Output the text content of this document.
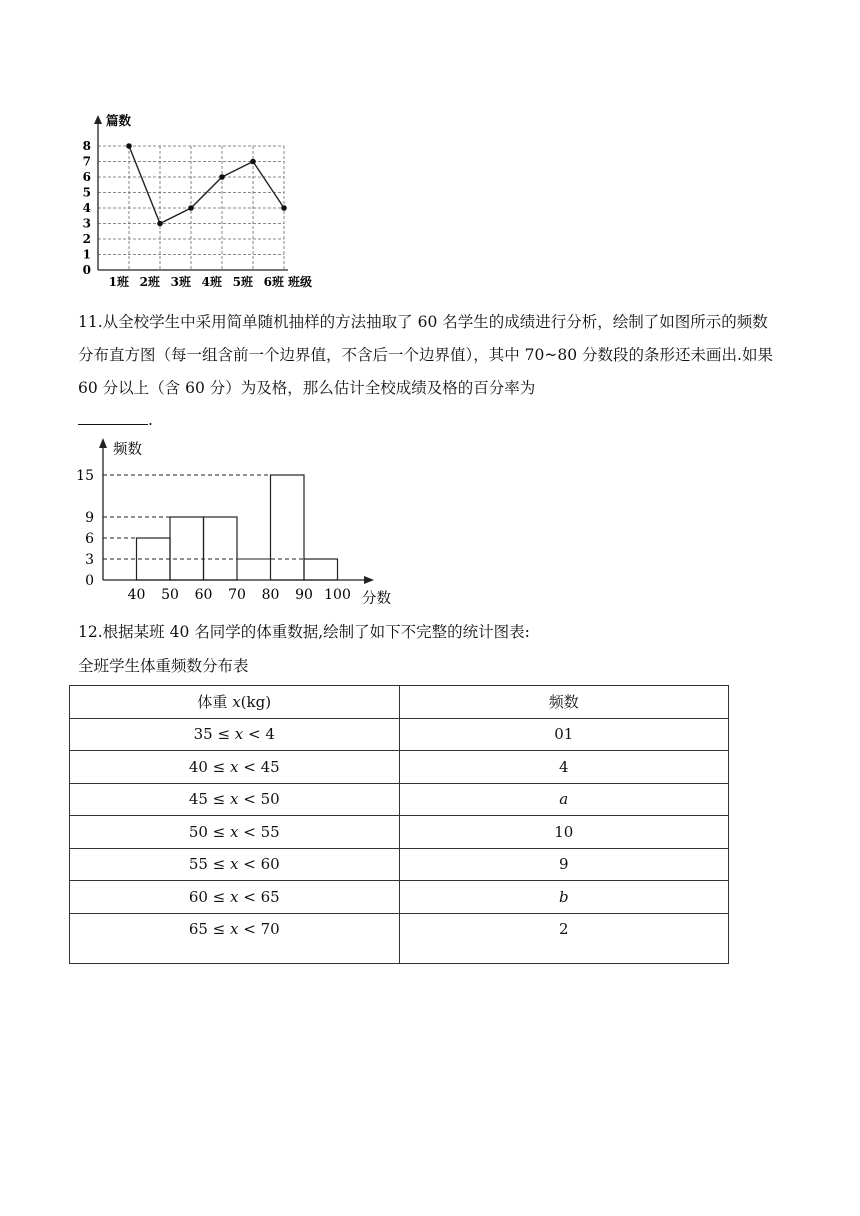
0
1
2
3
4
5
6
7
8
篇数
1班 2班 3班 4班 5班 6班 班级
11.从全校学生中采用简单随机抽样的方法抽取了 60 名学生的成绩进行分析，绘制了如图所示的频数分布直方图（每一组含前一个边界值，不含后一个边界值），其中 70~80 分数段的条形还未画出.如果 60 分以上（含 60 分）为及格，那么估计全校成绩及格的百分率为
.
0
3
6
9
15
频数
40 50 60 70 80 90 100 分数
12.根据某班 40 名同学的体重数据,绘制了如下不完整的统计图表:
全班学生体重频数分布表
体重 x(kg)	频数
35 ≤ x < 4	01
40 ≤ x < 45	4
45 ≤ x < 50	a
50 ≤ x < 55	10
55 ≤ x < 60	9
60 ≤ x < 65	b
65 ≤ x < 70	2
